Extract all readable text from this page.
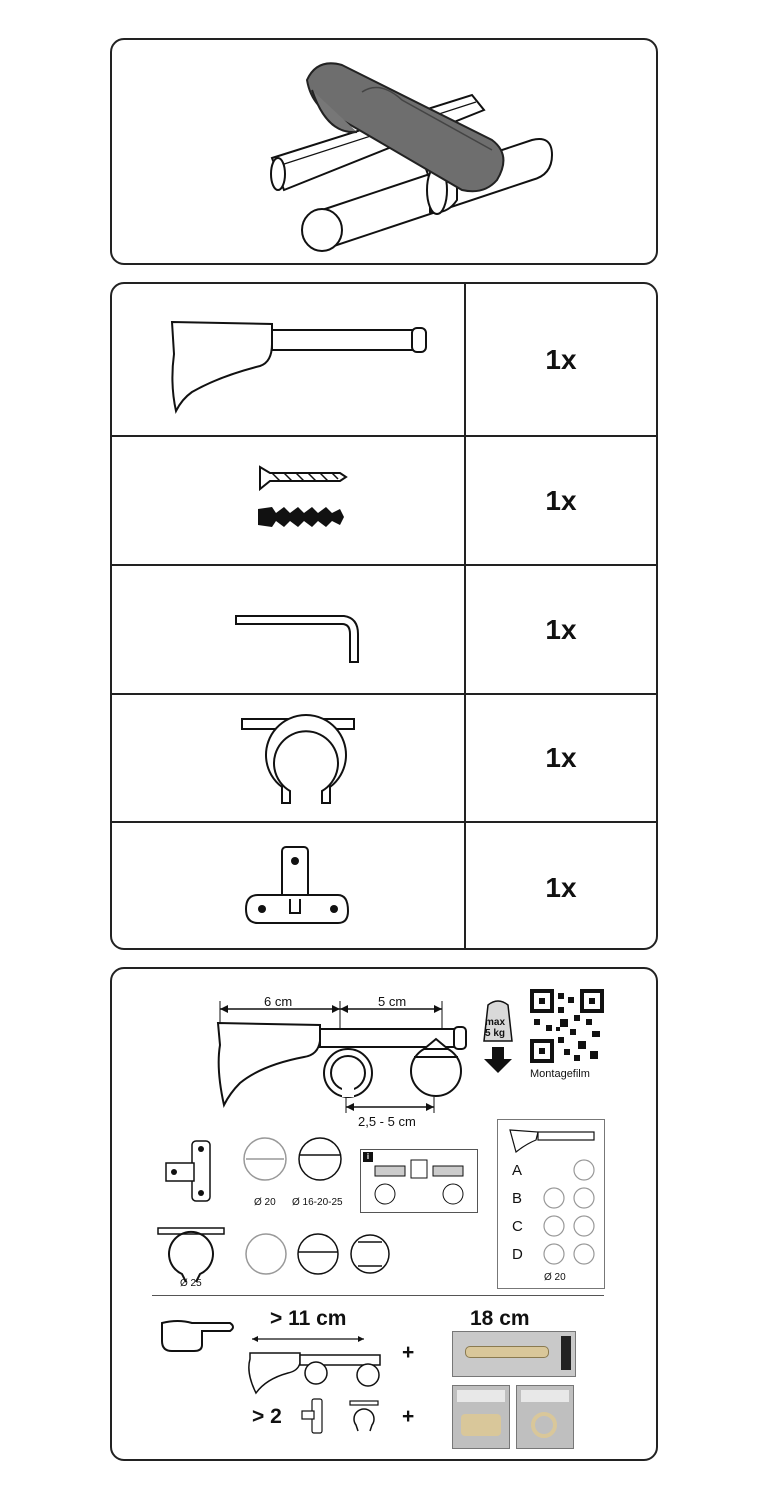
1x
1x
1x
1x
1x
6 cm	5 cm
2,5 - 5 cm
max
5 kg
Montagefilm
Ø 20 Ø 16-20-25
i
Ø 25
A
B
C
D
Ø 20
> 11 cm
+
18 cm
> 2	+
